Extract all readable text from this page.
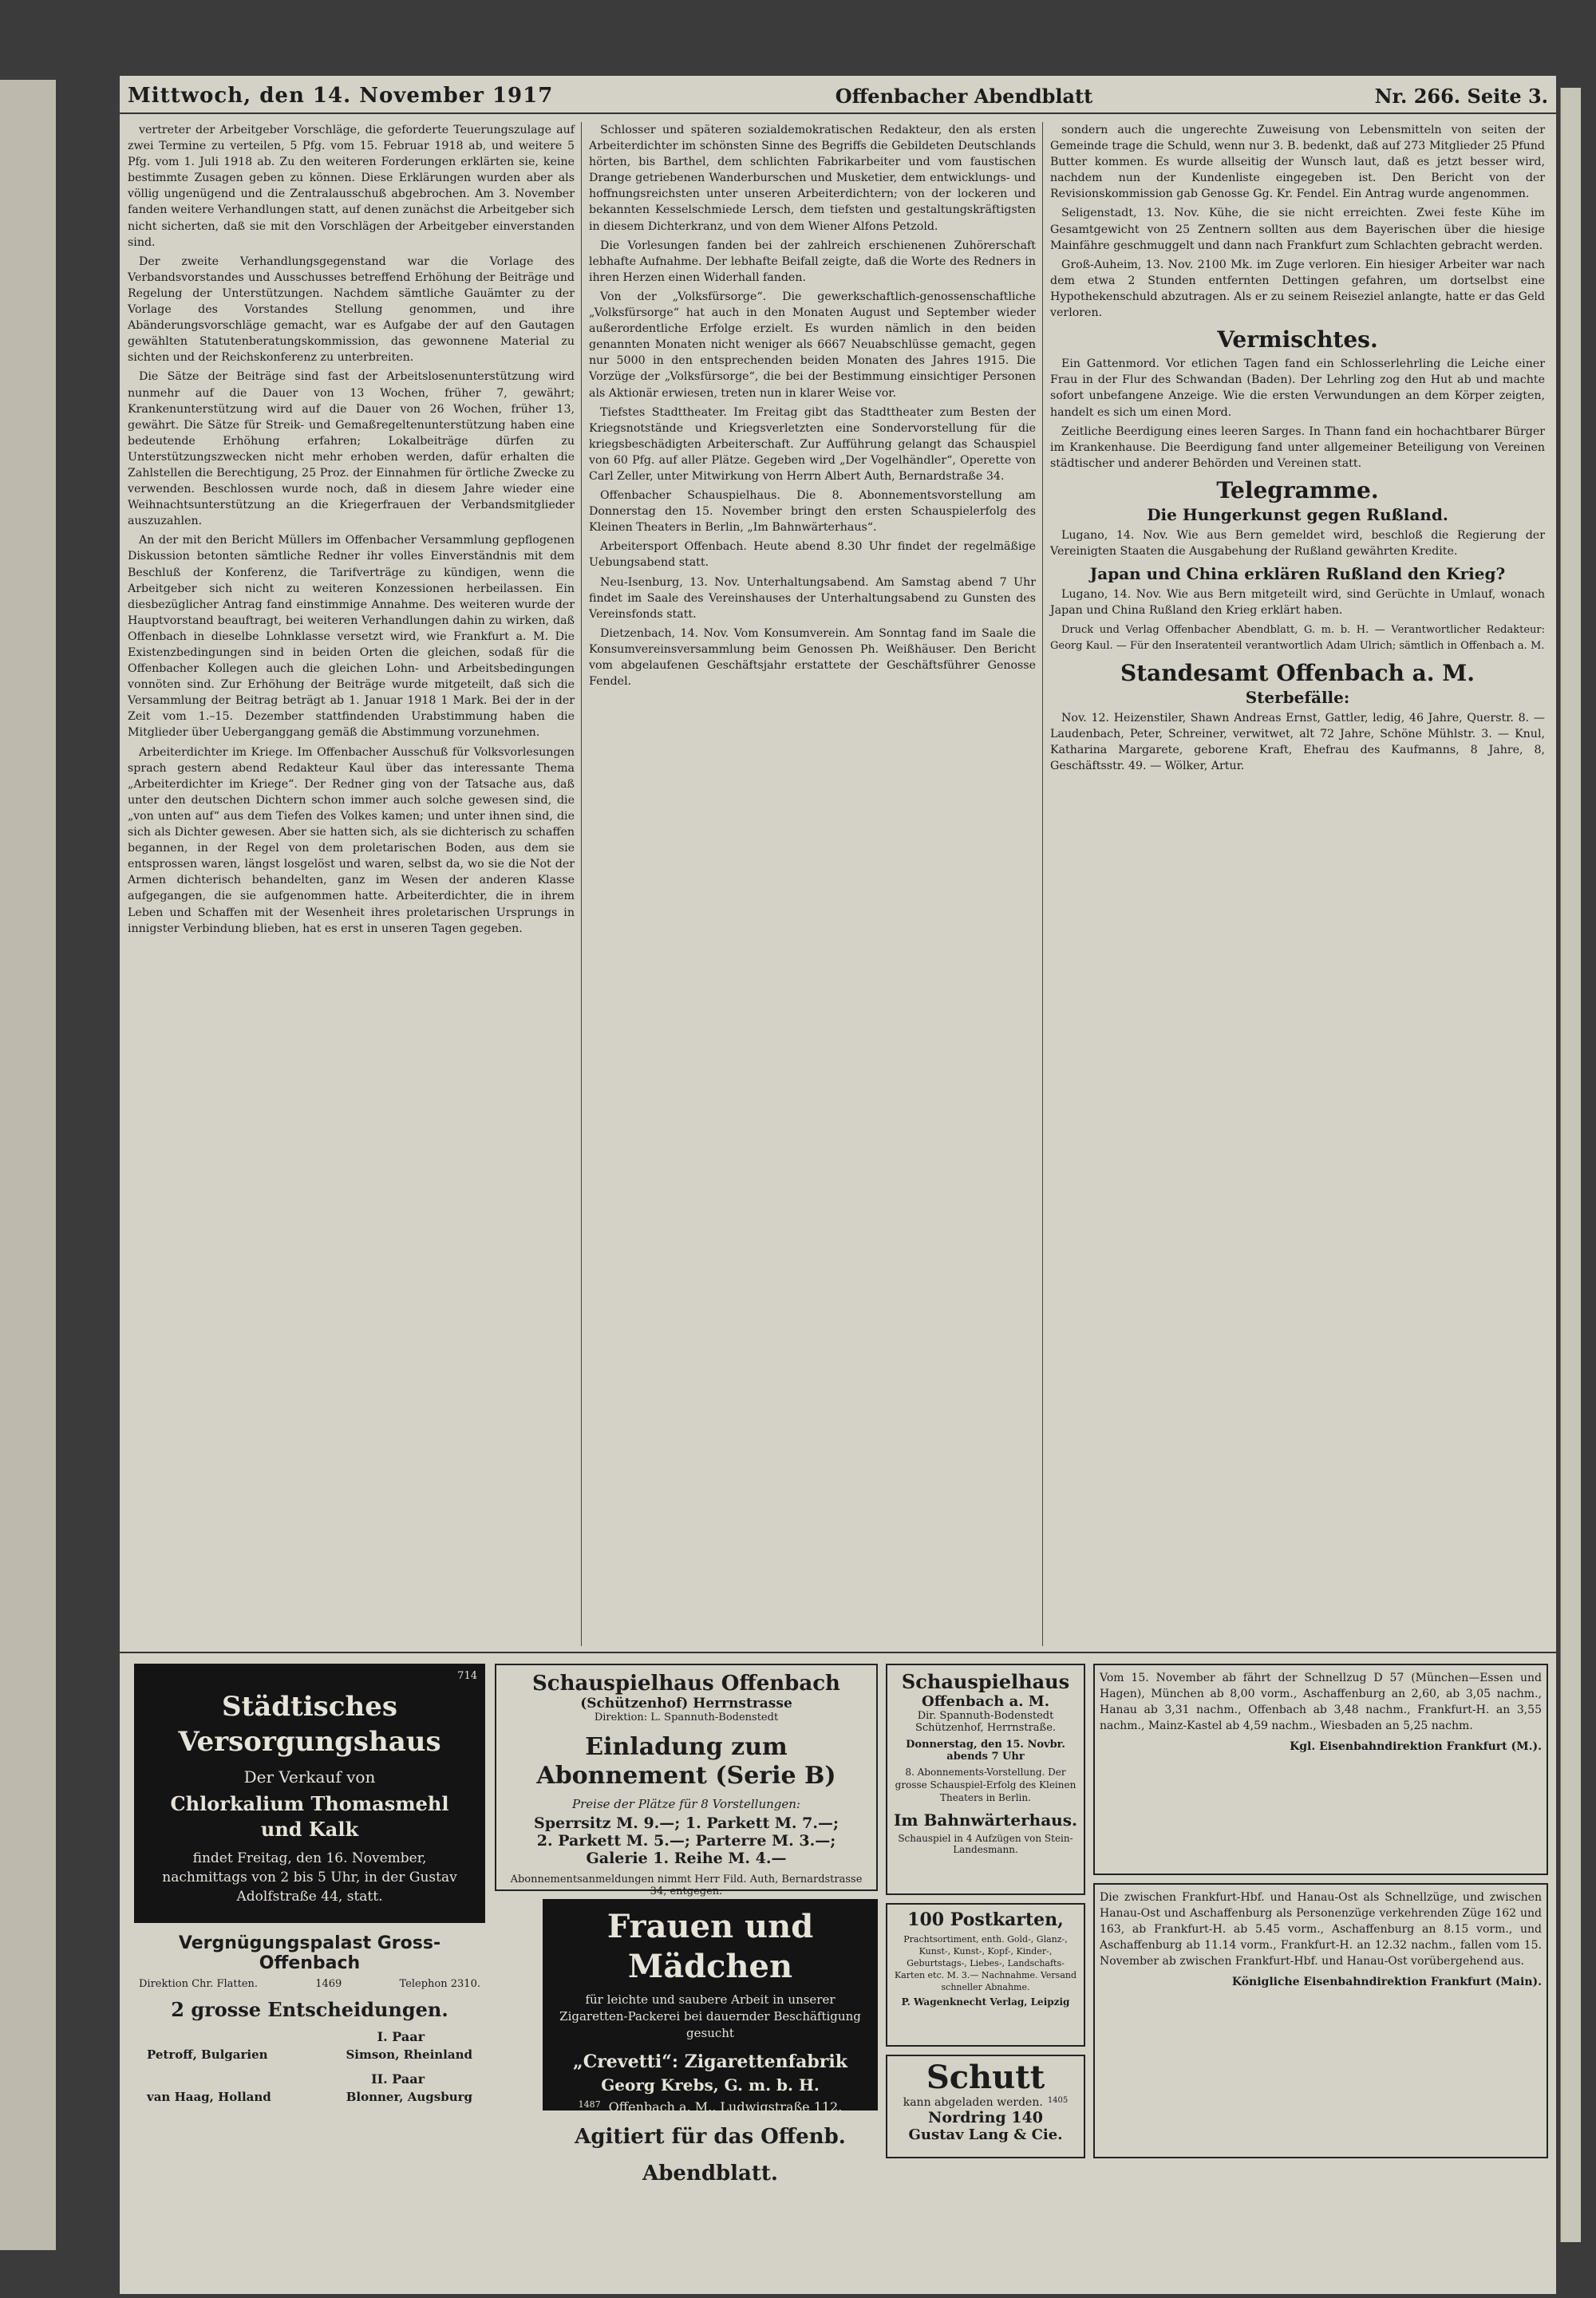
Mittwoch, den 14. November 1917	Offenbacher Abendblatt	Nr. 266. Seite 3.

vertreter der Arbeitgeber Vorschläge, die geforderte Teuerungszulage auf zwei Termine zu verteilen, 5 Pfg. vom 15. Februar 1918 ab, und weitere 5 Pfg. vom 1. Juli 1918 ab. Zu den weiteren Forderungen erklärten sie, keine bestimmte Zusagen geben zu können. Diese Erklärungen wurden aber als völlig ungenügend und die Zentralausschuß abgebrochen. Am 3. November fanden weitere Verhandlungen statt, auf denen zunächst die Arbeitgeber sich nicht sicherten, daß sie mit den Vorschlägen der Arbeitgeber einverstanden sind.

Der zweite Verhandlungsgegenstand war die Vorlage des Verbandsvorstandes und Ausschusses betreffend Erhöhung der Beiträge und Regelung der Unterstützungen. Nachdem sämtliche Gauämter zu der Vorlage des Vorstandes Stellung genommen, und ihre Abänderungsvorschläge gemacht, war es Aufgabe der auf den Gautagen gewählten Statutenberatungskommission, das gewonnene Material zu sichten und der Reichskonferenz zu unterbreiten.

Die Sätze der Beiträge sind fast der Arbeitslosenunterstützung wird nunmehr auf die Dauer von 13 Wochen, früher 7, gewährt; Krankenunterstützung wird auf die Dauer von 26 Wochen, früher 13, gewährt. Die Sätze für Streik- und Gemaßregeltenunterstützung haben eine bedeutende Erhöhung erfahren; Lokalbeiträge dürfen zu Unterstützungszwecken nicht mehr erhoben werden, dafür erhalten die Zahlstellen die Berechtigung, 25 Proz. der Einnahmen für örtliche Zwecke zu verwenden. Beschlossen wurde noch, daß in diesem Jahre wieder eine Weihnachtsunterstützung an die Kriegerfrauen der Verbandsmitglieder auszuzahlen.

An der mit den Bericht Müllers im Offenbacher Versammlung gepflogenen Diskussion betonten sämtliche Redner ihr volles Einverständnis mit dem Beschluß der Konferenz, die Tarifverträge zu kündigen, wenn die Arbeitgeber sich nicht zu weiteren Konzessionen herbeilassen. Ein diesbezüglicher Antrag fand einstimmige Annahme. Des weiteren wurde der Hauptvorstand beauftragt, bei weiteren Verhandlungen dahin zu wirken, daß Offenbach in dieselbe Lohnklasse versetzt wird, wie Frankfurt a. M. Die Existenzbedingungen sind in beiden Orten die gleichen, sodaß für die Offenbacher Kollegen auch die gleichen Lohn- und Arbeitsbedingungen vonnöten sind. Zur Erhöhung der Beiträge wurde mitgeteilt, daß sich die Versammlung der Beitrag beträgt ab 1. Januar 1918 1 Mark. Bei der in der Zeit vom 1.–15. Dezember stattfindenden Urabstimmung haben die Mitglieder über Ueberganggang gemäß die Abstimmung vorzunehmen.

Arbeiterdichter im Kriege. Im Offenbacher Ausschuß für Volksvorlesungen sprach gestern abend Redakteur Kaul über das interessante Thema „Arbeiterdichter im Kriege“. Der Redner ging von der Tatsache aus, daß unter den deutschen Dichtern schon immer auch solche gewesen sind, die „von unten auf“ aus dem Tiefen des Volkes kamen; und unter ihnen sind, die sich als Dichter gewesen. Aber sie hatten sich, als sie dichterisch zu schaffen begannen, in der Regel von dem proletarischen Boden, aus dem sie entsprossen waren, längst losgelöst und waren, selbst da, wo sie die Not der Armen dichterisch behandelten, ganz im Wesen der anderen Klasse aufgegangen, die sie aufgenommen hatte. Arbeiterdichter, die in ihrem Leben und Schaffen mit der Wesenheit ihres proletarischen Ursprungs in innigster Verbindung blieben, hat es erst in unseren Tagen gegeben.

Schlosser und späteren sozialdemokratischen Redakteur, den als ersten Arbeiterdichter im schönsten Sinne des Begriffs die Gebildeten Deutschlands hörten, bis Barthel, dem schlichten Fabrikarbeiter und vom faustischen Drange getriebenen Wanderburschen und Musketier, dem entwicklungs- und hoffnungsreichsten unter unseren Arbeiterdichtern; von der lockeren und bekannten Kesselschmiede Lersch, dem tiefsten und gestaltungskräftigsten in diesem Dichterkranz, und von dem Wiener Alfons Petzold.

Die Vorlesungen fanden bei der zahlreich erschienenen Zuhörerschaft lebhafte Aufnahme. Der lebhafte Beifall zeigte, daß die Worte des Redners in ihren Herzen einen Widerhall fanden.

Von der „Volksfürsorge“. Die gewerkschaftlich-genossenschaftliche „Volksfürsorge“ hat auch in den Monaten August und September wieder außerordentliche Erfolge erzielt. Es wurden nämlich in den beiden genannten Monaten nicht weniger als 6667 Neuabschlüsse gemacht, gegen nur 5000 in den entsprechenden beiden Monaten des Jahres 1915. Die Vorzüge der „Volksfürsorge“, die bei der Bestimmung einsichtiger Personen als Aktionär erwiesen, treten nun in klarer Weise vor.

Tiefstes Stadttheater. Im Freitag gibt das Stadttheater zum Besten der Kriegsnotstände und Kriegsverletzten eine Sondervorstellung für die kriegsbeschädigten Arbeiterschaft. Zur Aufführung gelangt das Schauspiel von 60 Pfg. auf aller Plätze. Gegeben wird „Der Vogelhändler“, Operette von Carl Zeller, unter Mitwirkung von Herrn Albert Auth, Bernardstraße 34.

Offenbacher Schauspielhaus. Die 8. Abonnementsvorstellung am Donnerstag den 15. November bringt den ersten Schauspielerfolg des Kleinen Theaters in Berlin, „Im Bahnwärterhaus“.

Arbeitersport Offenbach. Heute abend 8.30 Uhr findet der regelmäßige Uebungsabend statt.

Neu-Isenburg, 13. Nov. Unterhaltungsabend. Am Samstag abend 7 Uhr findet im Saale des Vereinshauses der Unterhaltungsabend zu Gunsten des Vereinsfonds statt.

Dietzenbach, 14. Nov. Vom Konsumverein. Am Sonntag fand im Saale die Konsumvereinsversammlung beim Genossen Ph. Weißhäuser. Den Bericht vom abgelaufenen Geschäftsjahr erstattete der Geschäftsführer Genosse Fendel.

sondern auch die ungerechte Zuweisung von Lebensmitteln von seiten der Gemeinde trage die Schuld, wenn nur 3. B. bedenkt, daß auf 273 Mitglieder 25 Pfund Butter kommen. Es wurde allseitig der Wunsch laut, daß es jetzt besser wird, nachdem nun der Kundenliste eingegeben ist. Den Bericht von der Revisionskommission gab Genosse Gg. Kr. Fendel. Ein Antrag wurde angenommen.

Seligenstadt, 13. Nov. Kühe, die sie nicht erreichten. Zwei feste Kühe im Gesamtgewicht von 25 Zentnern sollten aus dem Bayerischen über die hiesige Mainfähre geschmuggelt und dann nach Frankfurt zum Schlachten gebracht werden.

Groß-Auheim, 13. Nov. 2100 Mk. im Zuge verloren. Ein hiesiger Arbeiter war nach dem etwa 2 Stunden entfernten Dettingen gefahren, um dortselbst eine Hypothekenschuld abzutragen. Als er zu seinem Reiseziel anlangte, hatte er das Geld verloren.

Vermischtes.

Ein Gattenmord. Vor etlichen Tagen fand ein Schlosserlehrling die Leiche einer Frau in der Flur des Schwandan (Baden). Der Lehrling zog den Hut ab und machte sofort unbefangene Anzeige. Wie die ersten Verwundungen an dem Körper zeigten, handelt es sich um einen Mord.

Zeitliche Beerdigung eines leeren Sarges. In Thann fand ein hochachtbarer Bürger im Krankenhause. Die Beerdigung fand unter allgemeiner Beteiligung von Vereinen städtischer und anderer Behörden und Vereinen statt.

Telegramme.
Die Hungerkunst gegen Rußland.

Lugano, 14. Nov. Wie aus Bern gemeldet wird, beschloß die Regierung der Vereinigten Staaten die Ausgabehung der Rußland gewährten Kredite.

Japan und China erklären Rußland den Krieg?

Lugano, 14. Nov. Wie aus Bern mitgeteilt wird, sind Gerüchte in Umlauf, wonach Japan und China Rußland den Krieg erklärt haben.

Druck und Verlag Offenbacher Abendblatt, G. m. b. H. — Verantwortlicher Redakteur: Georg Kaul. — Für den Inseratenteil verantwortlich Adam Ulrich; sämtlich in Offenbach a. M.

Standesamt Offenbach a. M.
Sterbefälle:

Nov. 12. Heizenstiler, Shawn Andreas Ernst, Gattler, ledig, 46 Jahre, Querstr. 8. — Laudenbach, Peter, Schreiner, verwitwet, alt 72 Jahre, Schöne Mühlstr. 3. — Knul, Katharina Margarete, geborene Kraft, Ehefrau des Kaufmanns, 8 Jahre, 8, Geschäftsstr. 49. — Wölker, Artur.

714
Städtisches Versorgungshaus
Der Verkauf von
Chlorkalium Thomasmehl und Kalk
findet Freitag, den 16. November, nachmittags von 2 bis 5 Uhr, in der Gustav Adolfstraße 44, statt.
Vergnügungspalast Gross-Offenbach
Direktion Chr. Flatten.	1469	Telephon 2310.
2 grosse Entscheidungen.
I. Paar
Petroff, Bulgarien	Simson, Rheinland
II. Paar
van Haag, Holland	Blonner, Augsburg
Schauspielhaus Offenbach
(Schützenhof) Herrnstrasse
Direktion: L. Spannuth-Bodenstedt
Einladung zum Abonnement (Serie B)
Preise der Plätze für 8 Vorstellungen:
Sperrsitz M. 9.—; 1. Parkett M. 7.—;
2. Parkett M. 5.—; Parterre M. 3.—;
Galerie 1. Reihe M. 4.—
Abonnementsanmeldungen nimmt Herr Fild. Auth, Bernardstrasse 34, entgegen.
Frauen und Mädchen
für leichte und saubere Arbeit in unserer Zigaretten-Packerei bei dauernder Beschäftigung gesucht
„Crevetti“: Zigarettenfabrik
Georg Krebs, G. m. b. H.
1487 Offenbach a. M., Ludwigstraße 112.
Agitiert für das Offenb. Abendblatt.
Schauspielhaus
Offenbach a. M.
Dir. Spannuth-Bodenstedt
Schützenhof, Herrnstraße.
Donnerstag, den 15. Novbr. abends 7 Uhr
8. Abonnements-Vorstellung. Der grosse Schauspiel-Erfolg des Kleinen Theaters in Berlin.
Im Bahnwärterhaus.
Schauspiel in 4 Aufzügen von Stein-Landesmann.
100 Postkarten,
Prachtsortiment, enth. Gold-, Glanz-, Kunst-, Kunst-, Kopf-, Kinder-, Geburtstags-, Liebes-, Landschafts-Karten etc. M. 3.— Nachnahme. Versand schneller Abnahme.
P. Wagenknecht Verlag, Leipzig
Schutt
kann abgeladen werden. 1405
Nordring 140
Gustav Lang & Cie.
Vom 15. November ab fährt der Schnellzug D 57 (München—Essen und Hagen), München ab 8,00 vorm., Aschaffenburg an 2,60, ab 3,05 nachm., Hanau ab 3,31 nachm., Offenbach ab 3,48 nachm., Frankfurt-H. an 3,55 nachm., Mainz-Kastel ab 4,59 nachm., Wiesbaden an 5,25 nachm.
Kgl. Eisenbahndirektion Frankfurt (M.).
Die zwischen Frankfurt-Hbf. und Hanau-Ost als Schnellzüge, und zwischen Hanau-Ost und Aschaffenburg als Personenzüge verkehrenden Züge 162 und 163, ab Frankfurt-H. ab 5.45 vorm., Aschaffenburg an 8.15 vorm., und Aschaffenburg ab 11.14 vorm., Frankfurt-H. an 12.32 nachm., fallen vom 15. November ab zwischen Frankfurt-Hbf. und Hanau-Ost vorübergehend aus.
Königliche Eisenbahndirektion Frankfurt (Main).
